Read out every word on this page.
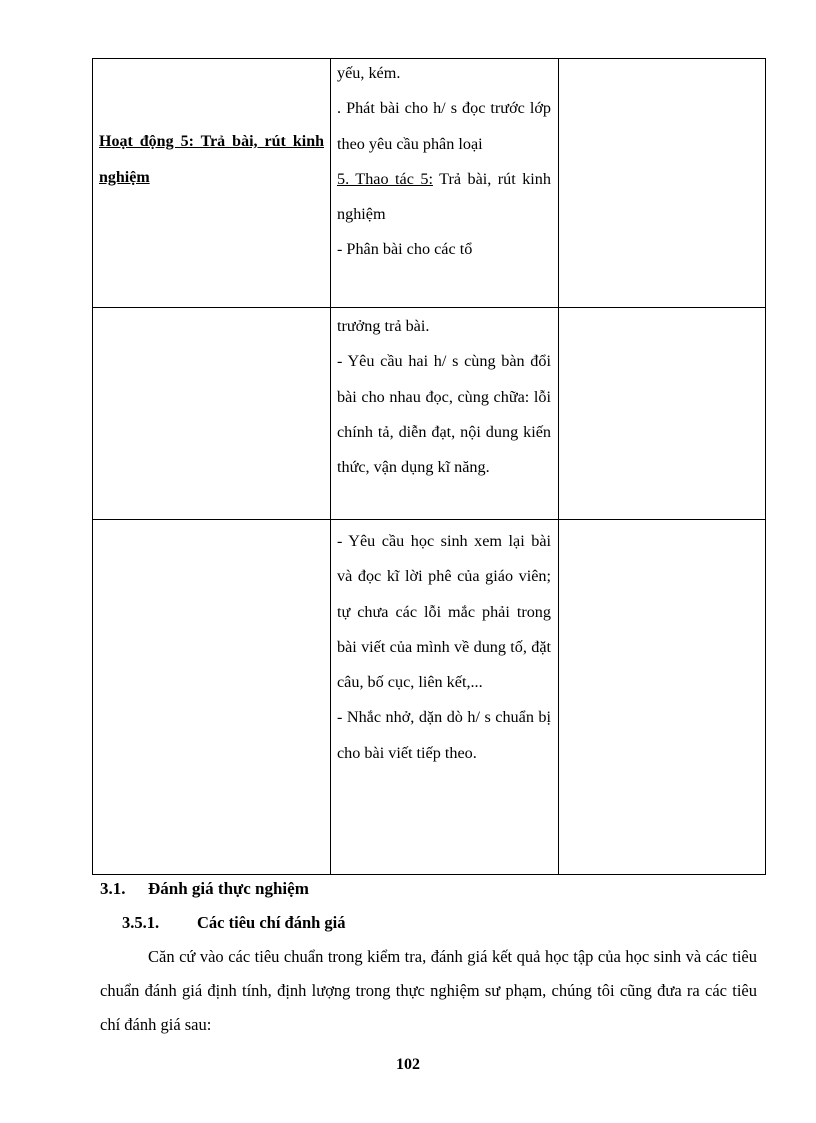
Hoạt động 5: Trả bài, rút kinh nghiệm	yếu, kém.

. Phát bài cho h/ s đọc trước lớp theo yêu cầu phân loại

5. Thao tác 5: Trả bài, rút kinh nghiệm

- Phân bài cho các tổ	

	trưởng trả bài.

- Yêu cầu hai h/ s cùng bàn đổi bài cho nhau đọc, cùng chữa: lỗi chính tả, diễn đạt, nội dung kiến thức, vận dụng kĩ năng.	

	- Yêu cầu học sinh xem lại bài và đọc kĩ lời phê của giáo viên; tự chưa các lỗi mắc phải trong bài viết của mình về dung tố, đặt câu, bố cục, liên kết,...

- Nhắc nhở, dặn dò h/ s chuẩn bị cho bài viết tiếp theo.	

3.1. Đánh giá thực nghiệm
3.5.1. Các tiêu chí đánh giá

Căn cứ vào các tiêu chuẩn trong kiểm tra, đánh giá kết quả học tập của học sinh và các tiêu chuẩn đánh giá định tính, định lượng trong thực nghiệm sư phạm, chúng tôi cũng đưa ra các tiêu chí đánh giá sau:

102
